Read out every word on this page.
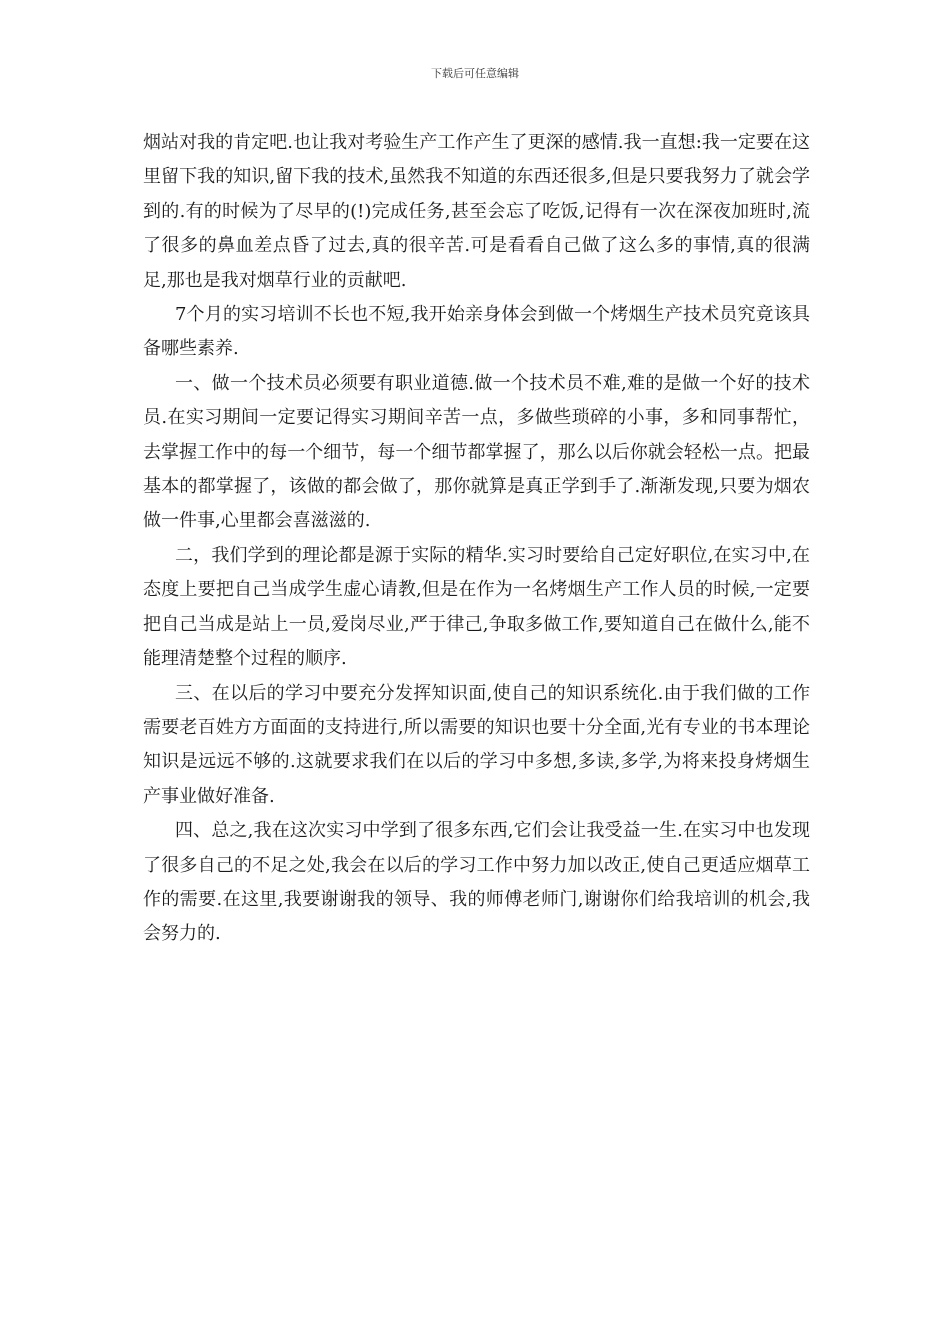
下载后可任意编辑

烟站对我的肯定吧.也让我对考验生产工作产生了更深的感情.我一直想:我一定要在这里留下我的知识,留下我的技术,虽然我不知道的东西还很多,但是只要我努力了就会学到的.有的时候为了尽早的(!)完成任务,甚至会忘了吃饭,记得有一次在深夜加班时,流了很多的鼻血差点昏了过去,真的很辛苦.可是看看自己做了这么多的事情,真的很满足,那也是我对烟草行业的贡献吧.

7个月的实习培训不长也不短,我开始亲身体会到做一个烤烟生产技术员究竟该具备哪些素养.

一、做一个技术员必须要有职业道德.做一个技术员不难,难的是做一个好的技术员.在实习期间一定要记得实习期间辛苦一点，多做些琐碎的小事，多和同事帮忙，去掌握工作中的每一个细节，每一个细节都掌握了，那么以后你就会轻松一点。把最基本的都掌握了，该做的都会做了，那你就算是真正学到手了.渐渐发现,只要为烟农做一件事,心里都会喜滋滋的.

二，我们学到的理论都是源于实际的精华.实习时要给自己定好职位,在实习中,在态度上要把自己当成学生虚心请教,但是在作为一名烤烟生产工作人员的时候,一定要把自己当成是站上一员,爱岗尽业,严于律己,争取多做工作,要知道自己在做什么,能不能理清楚整个过程的顺序.

三、在以后的学习中要充分发挥知识面,使自己的知识系统化.由于我们做的工作需要老百姓方方面面的支持进行,所以需要的知识也要十分全面,光有专业的书本理论知识是远远不够的.这就要求我们在以后的学习中多想,多读,多学,为将来投身烤烟生产事业做好准备.

四、总之,我在这次实习中学到了很多东西,它们会让我受益一生.在实习中也发现了很多自己的不足之处,我会在以后的学习工作中努力加以改正,使自己更适应烟草工作的需要.在这里,我要谢谢我的领导、我的师傅老师门,谢谢你们给我培训的机会,我会努力的.
